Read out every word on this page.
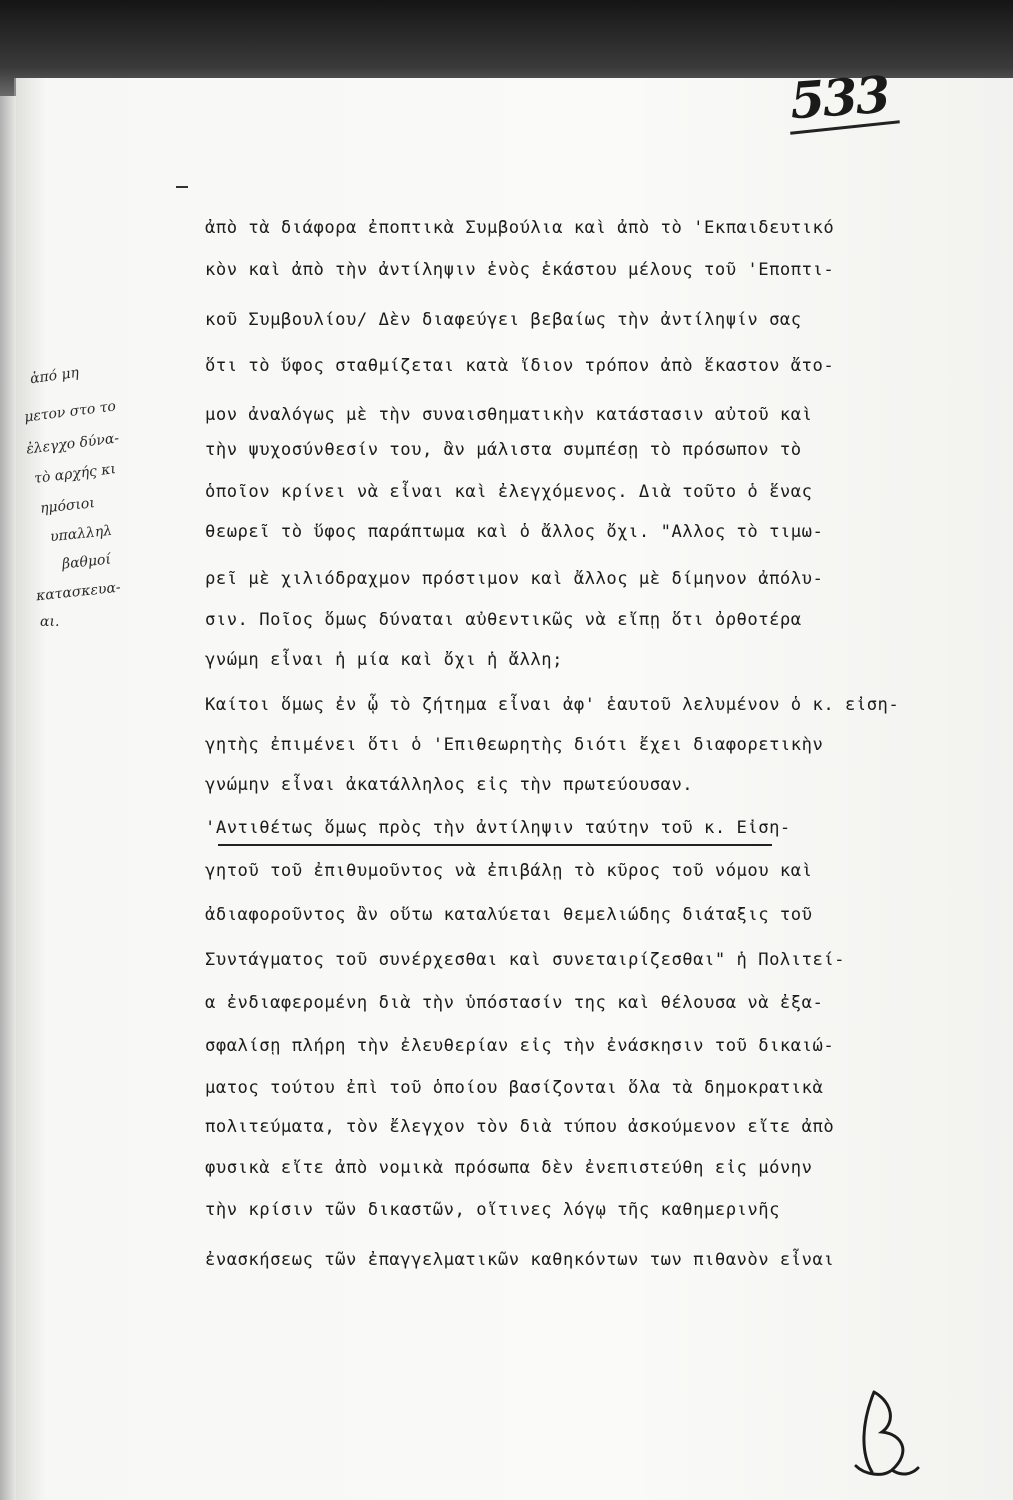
533
ἀπὸ τὰ διάφορα ἐποπτικὰ Συμβούλια καὶ ἀπὸ τὸ 'Εκπαιδευτικό
κὸν καὶ ἀπὸ τὴν ἀντίληψιν ἑνὸς ἑκάστου μέλους τοῦ 'Εποπτι-
κοῦ Συμβουλίου/ Δὲν διαφεύγει βεβαίως τὴν ἀντίληψίν σας
ὅτι τὸ ὕφος σταθμίζεται κατὰ ἴδιον τρόπον ἀπὸ ἕκαστον ἄτο-
μον ἀναλόγως μὲ τὴν συναισθηματικὴν κατάστασιν αὐτοῦ καὶ
τὴν ψυχοσύνθεσίν του, ἂν μάλιστα συμπέσῃ τὸ πρόσωπον τὸ
ὁποῖον κρίνει νὰ εἶναι καὶ ἐλεγχόμενος. Διὰ τοῦτο ὁ ἕνας
θεωρεῖ τὸ ὕφος παράπτωμα καὶ ὁ ἄλλος ὄχι. "Αλλος τὸ τιμω-
ρεῖ μὲ χιλιόδραχμον πρόστιμον καὶ ἄλλος μὲ δίμηνον ἀπόλυ-
σιν. Ποῖος ὅμως δύναται αὐθεντικῶς νὰ εἴπῃ ὅτι ὀρθοτέρα
γνώμη εἶναι ἡ μία καὶ ὄχι ἡ ἄλλη;
Καίτοι ὅμως ἐν ᾧ τὸ ζήτημα εἶναι ἀφ' ἑαυτοῦ λελυμένον ὁ κ. εἰση-
γητὴς ἐπιμένει ὅτι ὁ 'Επιθεωρητὴς διότι ἔχει διαφορετικὴν
γνώμην εἶναι ἀκατάλληλος εἰς τὴν πρωτεύουσαν.
'Αντιθέτως ὅμως πρὸς τὴν ἀντίληψιν ταύτην τοῦ κ. Εἰση-
γητοῦ τοῦ ἐπιθυμοῦντος νὰ ἐπιβάλῃ τὸ κῦρος τοῦ νόμου καὶ
ἀδιαφοροῦντος ἂν οὕτω καταλύεται θεμελιώδης διάταξις τοῦ
Συντάγματος τοῦ συνέρχεσθαι καὶ συνεταιρίζεσθαι" ἡ Πολιτεί-
α ἐνδιαφερομένη διὰ τὴν ὑπόστασίν της καὶ θέλουσα νὰ ἐξα-
σφαλίσῃ πλήρη τὴν ἐλευθερίαν εἰς τὴν ἐνάσκησιν τοῦ δικαιώ-
ματος τούτου ἐπὶ τοῦ ὁποίου βασίζονται ὅλα τὰ δημοκρατικὰ
πολιτεύματα, τὸν ἔλεγχον τὸν διὰ τύπου ἀσκούμενον εἴτε ἀπὸ
φυσικὰ εἴτε ἀπὸ νομικὰ πρόσωπα δὲν ἐνεπιστεύθη εἰς μόνην
τὴν κρίσιν τῶν δικαστῶν, οἵτινες λόγῳ τῆς καθημερινῆς
ἐνασκήσεως τῶν ἐπαγγελματικῶν καθηκόντων των πιθανὸν εἶναι
ἀπό μη
μετον στο το
ἐλεγχο δύνα-
τὸ αρχής κι
ημόσιοι
υπαλληλ
βαθμοί
κατασκευα-
αι.
